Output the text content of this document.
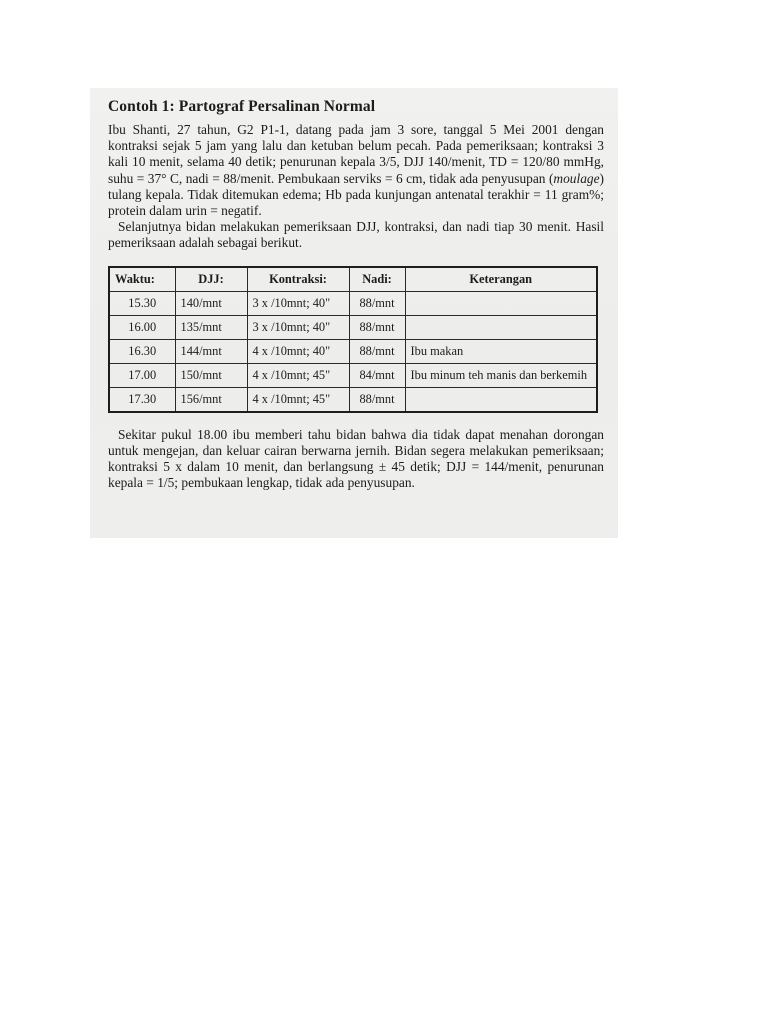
Contoh 1: Partograf Persalinan Normal

Ibu Shanti, 27 tahun, G2 P1-1, datang pada jam 3 sore, tanggal 5 Mei 2001 dengan kontraksi sejak 5 jam yang lalu dan ketuban belum pecah. Pada pemeriksaan; kontraksi 3 kali 10 menit, selama 40 detik; penurunan kepala 3/5, DJJ 140/menit, TD = 120/80 mmHg, suhu = 37° C, nadi = 88/menit. Pembukaan serviks = 6 cm, tidak ada penyusupan (moulage) tulang kepala. Tidak ditemukan edema; Hb pada kunjungan antenatal terakhir = 11 gram%; protein dalam urin = negatif.

Selanjutnya bidan melakukan pemeriksaan DJJ, kontraksi, dan nadi tiap 30 menit. Hasil pemeriksaan adalah sebagai berikut.

Waktu:	DJJ:	Kontraksi:	Nadi:	Keterangan
15.30	140/mnt	3 x /10mnt; 40"	88/mnt	
16.00	135/mnt	3 x /10mnt; 40"	88/mnt	
16.30	144/mnt	4 x /10mnt; 40"	88/mnt	Ibu makan
17.00	150/mnt	4 x /10mnt; 45"	84/mnt	Ibu minum teh manis dan berkemih
17.30	156/mnt	4 x /10mnt; 45"	88/mnt	

Sekitar pukul 18.00 ibu memberi tahu bidan bahwa dia tidak dapat menahan dorongan untuk mengejan, dan keluar cairan berwarna jernih. Bidan segera melakukan pemeriksaan; kontraksi 5 x dalam 10 menit, dan berlangsung ± 45 detik; DJJ = 144/menit, penurunan kepala = 1/5; pembukaan lengkap, tidak ada penyusupan.
